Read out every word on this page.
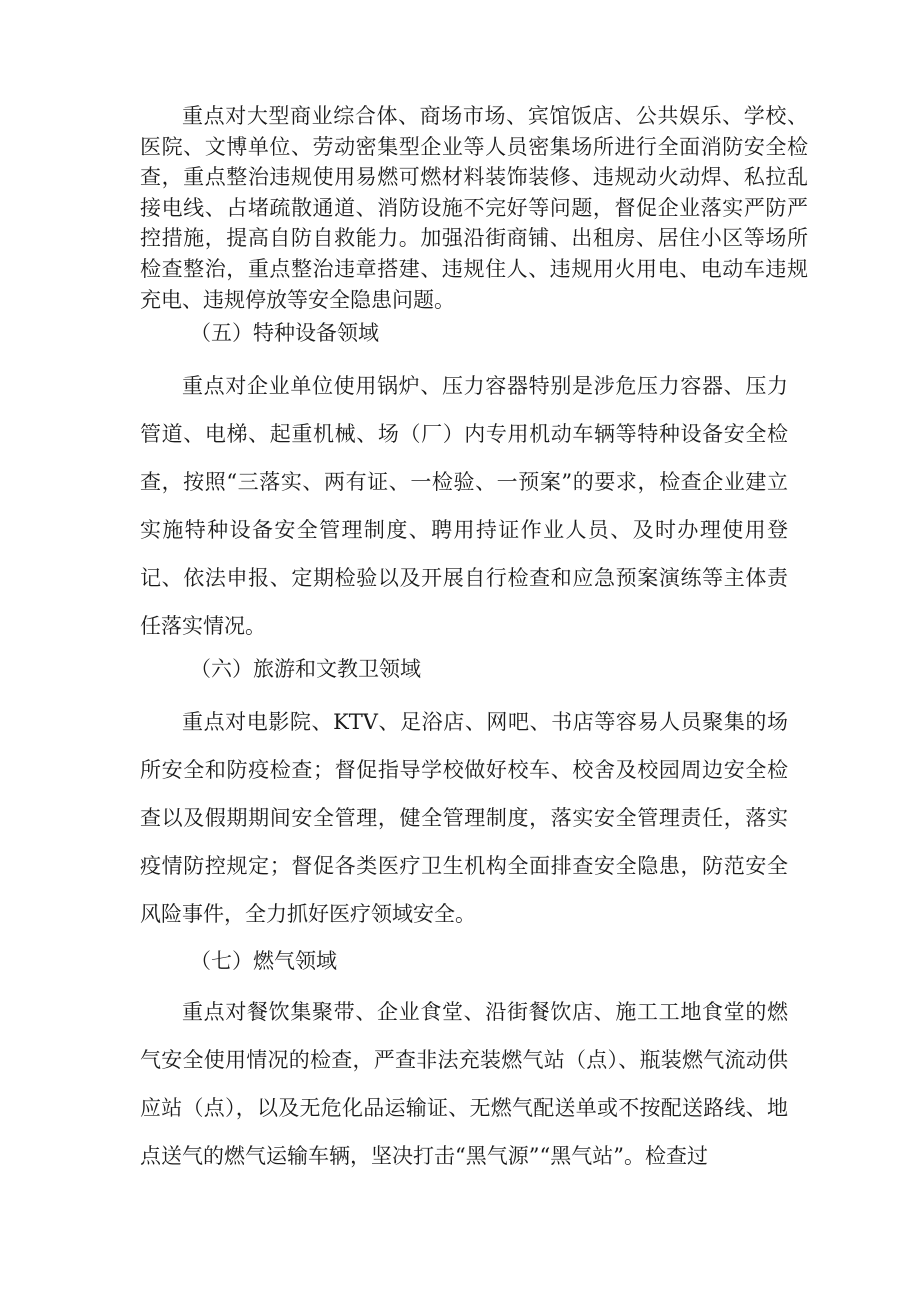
重点对大型商业综合体、商场市场、宾馆饭店、公共娱乐、学校、医院、文博单位、劳动密集型企业等人员密集场所进行全面消防安全检查，重点整治违规使用易燃可燃材料装饰装修、违规动火动焊、私拉乱接电线、占堵疏散通道、消防设施不完好等问题，督促企业落实严防严控措施，提高自防自救能力。加强沿街商铺、出租房、居住小区等场所检查整治，重点整治违章搭建、违规住人、违规用火用电、电动车违规充电、违规停放等安全隐患问题。

（五）特种设备领域

重点对企业单位使用锅炉、压力容器特别是涉危压力容器、压力管道、电梯、起重机械、场（厂）内专用机动车辆等特种设备安全检查，按照“三落实、两有证、一检验、一预案”的要求，检查企业建立实施特种设备安全管理制度、聘用持证作业人员、及时办理使用登记、依法申报、定期检验以及开展自行检查和应急预案演练等主体责任落实情况。

（六）旅游和文教卫领域

重点对电影院、KTV、足浴店、网吧、书店等容易人员聚集的场所安全和防疫检查；督促指导学校做好校车、校舍及校园周边安全检查以及假期期间安全管理，健全管理制度，落实安全管理责任，落实疫情防控规定；督促各类医疗卫生机构全面排查安全隐患，防范安全风险事件，全力抓好医疗领域安全。

（七）燃气领域

重点对餐饮集聚带、企业食堂、沿街餐饮店、施工工地食堂的燃气安全使用情况的检查，严查非法充装燃气站（点）、瓶装燃气流动供应站（点），以及无危化品运输证、无燃气配送单或不按配送路线、地点送气的燃气运输车辆，坚决打击“黑气源”“黑气站”。检查过
